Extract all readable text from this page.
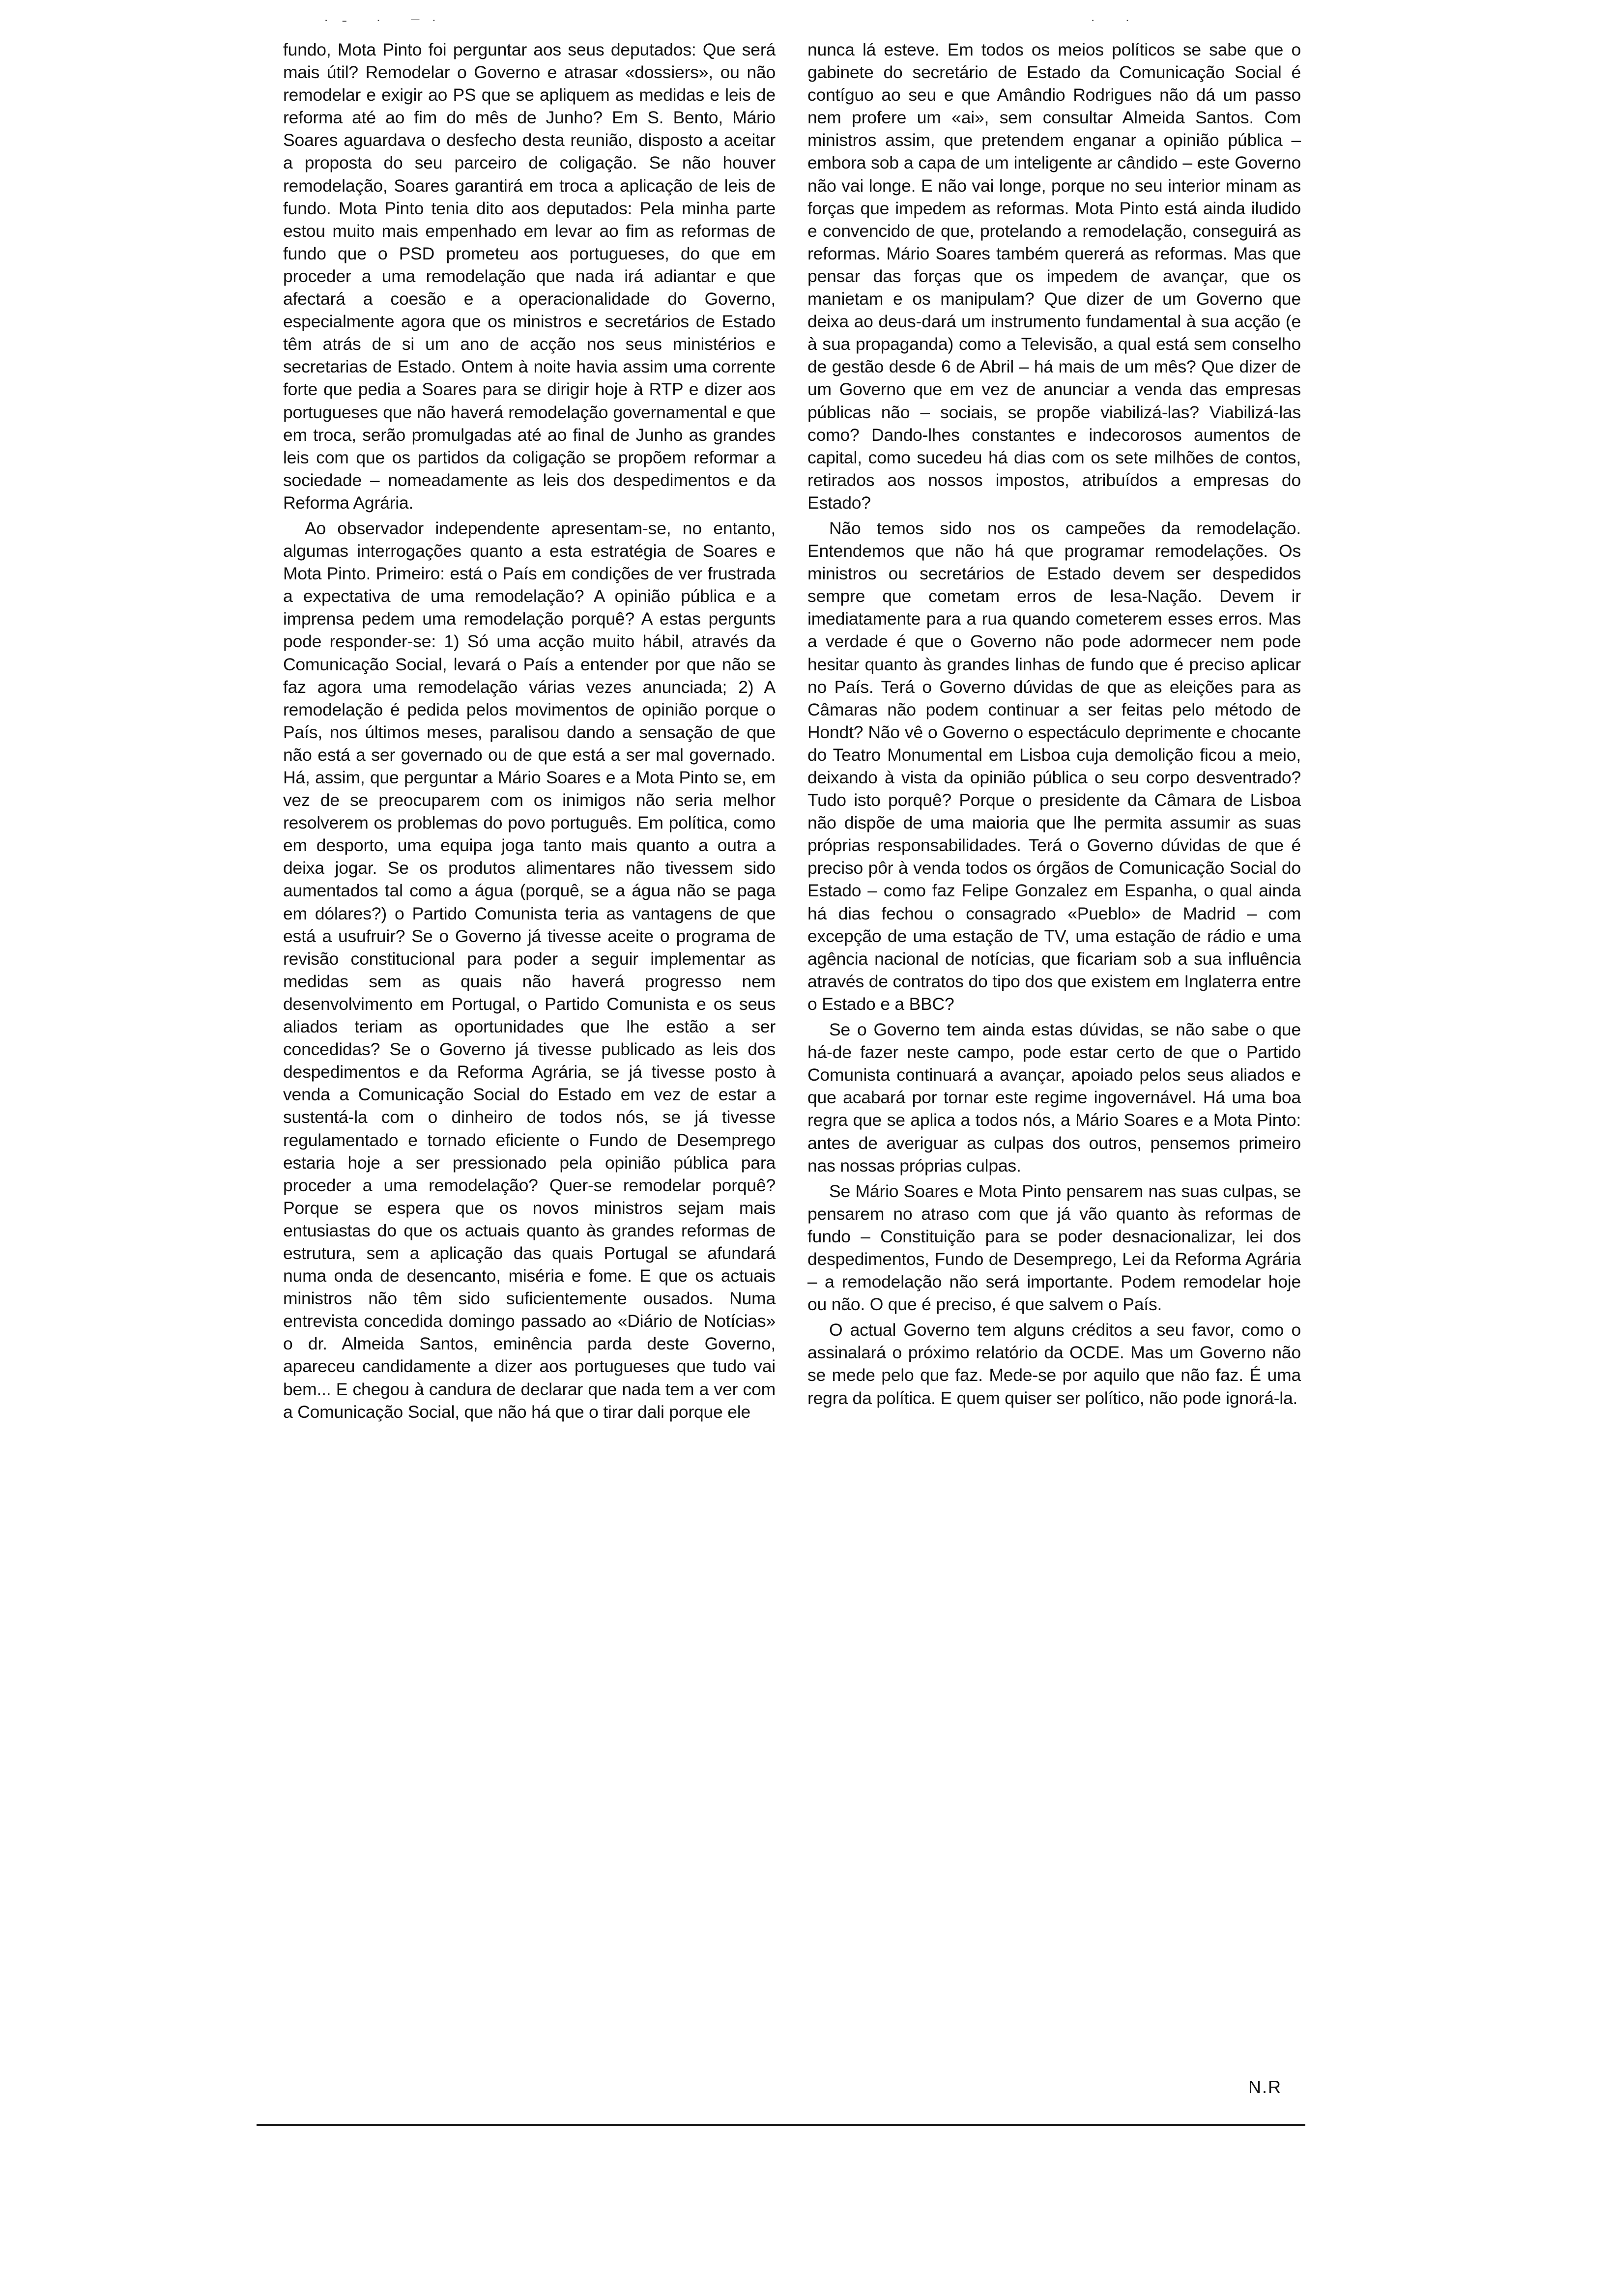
˙ˉ ˙ ¯˙	˙ ˙

fundo, Mota Pinto foi perguntar aos seus deputados: Que será mais útil? Remodelar o Governo e atrasar «dossiers», ou não remodelar e exigir ao PS que se apliquem as medidas e leis de reforma até ao fim do mês de Junho? Em S. Bento, Mário Soares aguardava o desfecho desta reunião, disposto a aceitar a proposta do seu parceiro de coligação. Se não houver remodelação, Soares garantirá em troca a aplicação de leis de fundo. Mota Pinto tenia dito aos deputados: Pela minha parte estou muito mais empenhado em levar ao fim as reformas de fundo que o PSD prometeu aos portugueses, do que em proceder a uma remodelação que nada irá adiantar e que afectará a coesão e a operacionalidade do Governo, especialmente agora que os ministros e secretários de Estado têm atrás de si um ano de acção nos seus ministérios e secretarias de Estado. Ontem à noite havia assim uma corrente forte que pedia a Soares para se dirigir hoje à RTP e dizer aos portugueses que não haverá remodelação governamental e que em troca, serão promulgadas até ao final de Junho as grandes leis com que os partidos da coligação se propõem reformar a sociedade – nomeadamente as leis dos despedimentos e da Reforma Agrária.

Ao observador independente apresentam-se, no entanto, algumas interrogações quanto a esta estratégia de Soares e Mota Pinto. Primeiro: está o País em condições de ver frustrada a expectativa de uma remodelação? A opinião pública e a imprensa pedem uma remodelação porquê? A estas pergunts pode responder-se: 1) Só uma acção muito hábil, através da Comunicação Social, levará o País a entender por que não se faz agora uma remodelação várias vezes anunciada; 2) A remodelação é pedida pelos movimentos de opinião porque o País, nos últimos meses, paralisou dando a sensação de que não está a ser governado ou de que está a ser mal governado. Há, assim, que perguntar a Mário Soares e a Mota Pinto se, em vez de se preocuparem com os inimigos não seria melhor resolverem os problemas do povo português. Em política, como em desporto, uma equipa joga tanto mais quanto a outra a deixa jogar. Se os produtos alimentares não tivessem sido aumentados tal como a água (porquê, se a água não se paga em dólares?) o Partido Comunista teria as vantagens de que está a usufruir? Se o Governo já tivesse aceite o programa de revisão constitucional para poder a seguir implementar as medidas sem as quais não haverá progresso nem desenvolvimento em Portugal, o Partido Comunista e os seus aliados teriam as oportunidades que lhe estão a ser concedidas? Se o Governo já tivesse publicado as leis dos despedimentos e da Reforma Agrária, se já tivesse posto à venda a Comunicação Social do Estado em vez de estar a sustentá-la com o dinheiro de todos nós, se já tivesse regulamentado e tornado eficiente o Fundo de Desemprego estaria hoje a ser pressionado pela opinião pública para proceder a uma remodelação? Quer-se remodelar porquê? Porque se espera que os novos ministros sejam mais entusiastas do que os actuais quanto às grandes reformas de estrutura, sem a aplicação das quais Portugal se afundará numa onda de desencanto, miséria e fome. E que os actuais ministros não têm sido suficientemente ousados. Numa entrevista concedida domingo passado ao «Diário de Notícias» o dr. Almeida Santos, eminência parda deste Governo, apareceu candidamente a dizer aos portugueses que tudo vai bem... E chegou à candura de declarar que nada tem a ver com a Comunicação Social, que não há que o tirar dali porque ele

nunca lá esteve. Em todos os meios políticos se sabe que o gabinete do secretário de Estado da Comunicação Social é contíguo ao seu e que Amândio Rodrigues não dá um passo nem profere um «ai», sem consultar Almeida Santos. Com ministros assim, que pretendem enganar a opinião pública – embora sob a capa de um inteligente ar cândido – este Governo não vai longe. E não vai longe, porque no seu interior minam as forças que impedem as reformas. Mota Pinto está ainda iludido e convencido de que, protelando a remodelação, conseguirá as reformas. Mário Soares também quererá as reformas. Mas que pensar das forças que os impedem de avançar, que os manietam e os manipulam? Que dizer de um Governo que deixa ao deus-dará um instrumento fundamental à sua acção (e à sua propaganda) como a Televisão, a qual está sem conselho de gestão desde 6 de Abril – há mais de um mês? Que dizer de um Governo que em vez de anunciar a venda das empresas públicas não – sociais, se propõe viabilizá-las? Viabilizá-las como? Dando-lhes constantes e indecorosos aumentos de capital, como sucedeu há dias com os sete milhões de contos, retirados aos nossos impostos, atribuídos a empresas do Estado?

Não temos sido nos os campeões da remodelação. Entendemos que não há que programar remodelações. Os ministros ou secretários de Estado devem ser despedidos sempre que cometam erros de lesa-Nação. Devem ir imediatamente para a rua quando cometerem esses erros. Mas a verdade é que o Governo não pode adormecer nem pode hesitar quanto às grandes linhas de fundo que é preciso aplicar no País. Terá o Governo dúvidas de que as eleições para as Câmaras não podem continuar a ser feitas pelo método de Hondt? Não vê o Governo o espectáculo deprimente e chocante do Teatro Monumental em Lisboa cuja demolição ficou a meio, deixando à vista da opinião pública o seu corpo desventrado? Tudo isto porquê? Porque o presidente da Câmara de Lisboa não dispõe de uma maioria que lhe permita assumir as suas próprias responsabilidades. Terá o Governo dúvidas de que é preciso pôr à venda todos os órgãos de Comunicação Social do Estado – como faz Felipe Gonzalez em Espanha, o qual ainda há dias fechou o consagrado «Pueblo» de Madrid – com excepção de uma estação de TV, uma estação de rádio e uma agência nacional de notícias, que ficariam sob a sua influência através de contratos do tipo dos que existem em Inglaterra entre o Estado e a BBC?

Se o Governo tem ainda estas dúvidas, se não sabe o que há-de fazer neste campo, pode estar certo de que o Partido Comunista continuará a avançar, apoiado pelos seus aliados e que acabará por tornar este regime ingovernável. Há uma boa regra que se aplica a todos nós, a Mário Soares e a Mota Pinto: antes de averiguar as culpas dos outros, pensemos primeiro nas nossas próprias culpas.

Se Mário Soares e Mota Pinto pensarem nas suas culpas, se pensarem no atraso com que já vão quanto às reformas de fundo – Constituição para se poder desnacionalizar, lei dos despedimentos, Fundo de Desemprego, Lei da Reforma Agrária – a remodelação não será importante. Podem remodelar hoje ou não. O que é preciso, é que salvem o País.

O actual Governo tem alguns créditos a seu favor, como o assinalará o próximo relatório da OCDE. Mas um Governo não se mede pelo que faz. Mede-se por aquilo que não faz. É uma regra da política. E quem quiser ser político, não pode ignorá-la.

N.R
